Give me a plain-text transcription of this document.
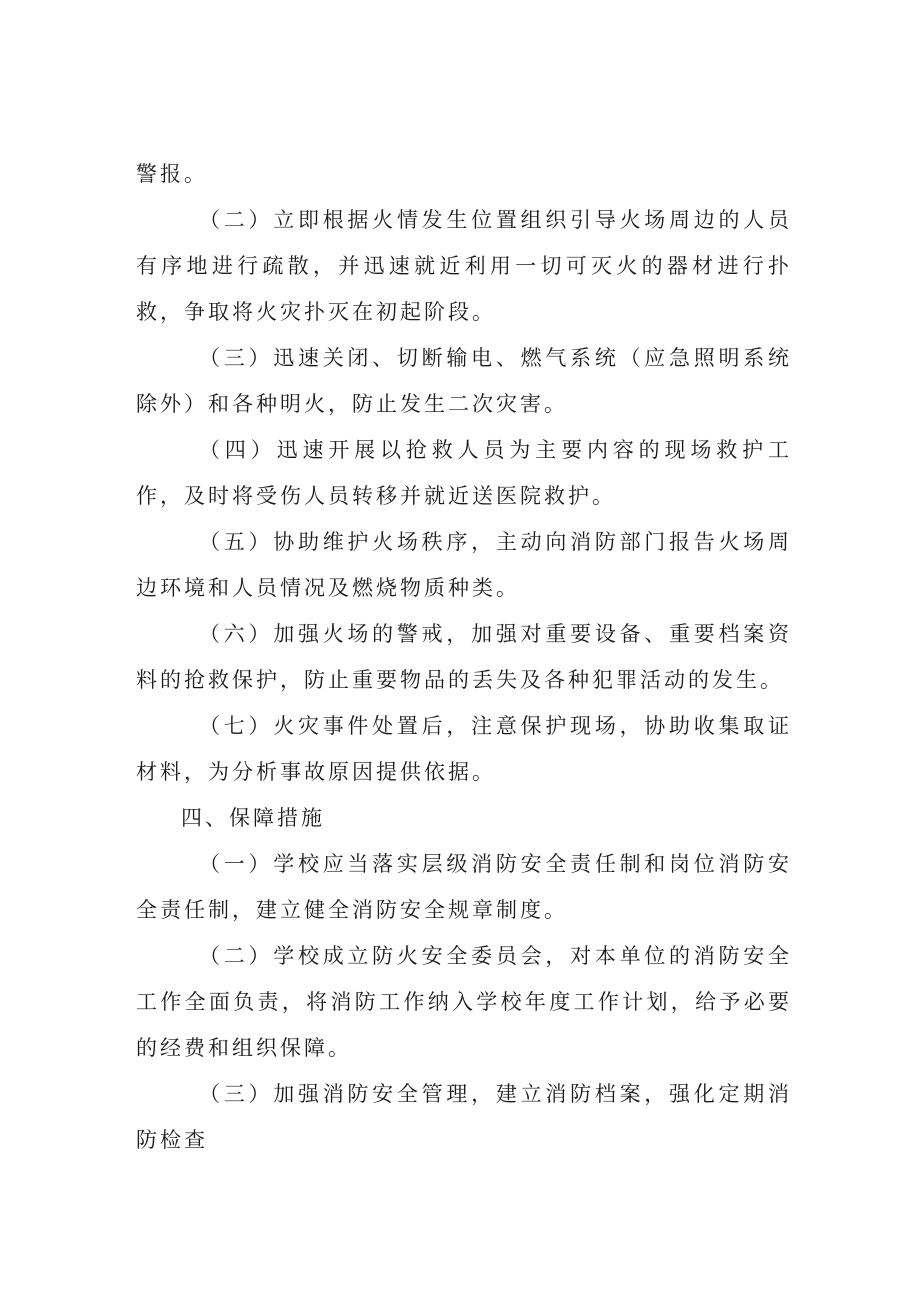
警报。

（二）立即根据火情发生位置组织引导火场周边的人员有序地进行疏散，并迅速就近利用一切可灭火的器材进行扑救，争取将火灾扑灭在初起阶段。

（三）迅速关闭、切断输电、燃气系统（应急照明系统除外）和各种明火，防止发生二次灾害。

（四）迅速开展以抢救人员为主要内容的现场救护工作，及时将受伤人员转移并就近送医院救护。

（五）协助维护火场秩序，主动向消防部门报告火场周边环境和人员情况及燃烧物质种类。

（六）加强火场的警戒，加强对重要设备、重要档案资料的抢救保护，防止重要物品的丢失及各种犯罪活动的发生。

（七）火灾事件处置后，注意保护现场，协助收集取证材料，为分析事故原因提供依据。

四、保障措施

（一）学校应当落实层级消防安全责任制和岗位消防安全责任制，建立健全消防安全规章制度。

（二）学校成立防火安全委员会，对本单位的消防安全工作全面负责，将消防工作纳入学校年度工作计划，给予必要的经费和组织保障。

（三）加强消防安全管理，建立消防档案，强化定期消防检查
